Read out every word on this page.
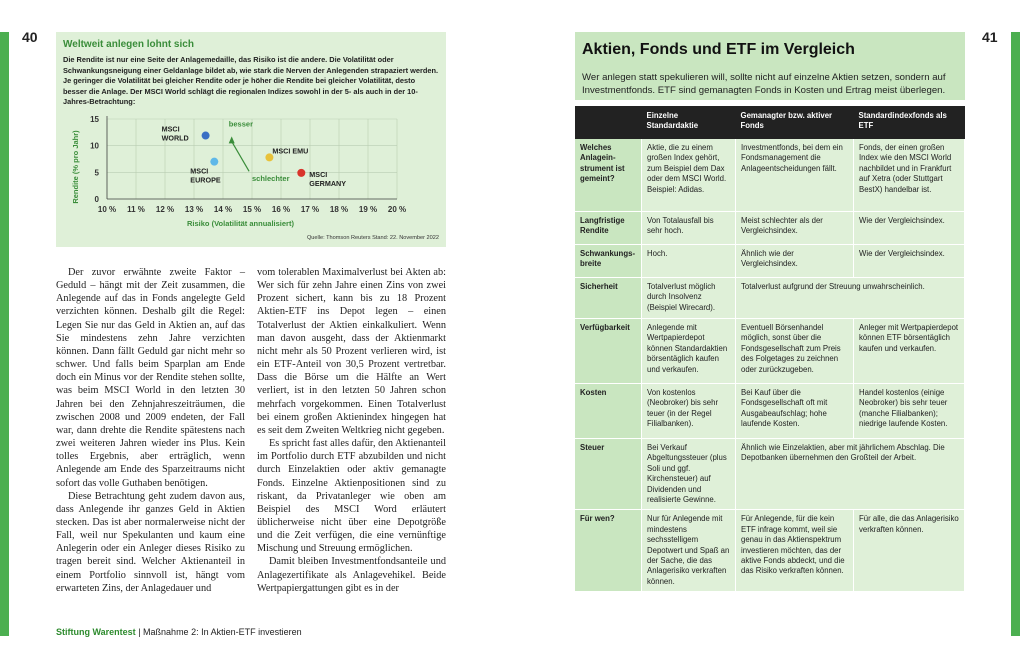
40	Weltweit anlegen lohnt sich
Die Rendite ist nur eine Seite der Anlagemedaille, das Risiko ist die andere. Die Volatilität oder Schwankungsneigung einer Geldanlage bildet ab, wie stark die Nerven der Anlegenden strapaziert werden. Je geringer die Volatilität bei gleicher Rendite oder je höher die Rendite bei gleicher Volatilität, desto besser die Anlage. Der MSCI World schlägt die regionalen Indizes sowohl in der 5- als auch in der 10-Jahres-Betrachtung:
10 % 11 % 12 % 13 % 14 % 15 % 16 % 17 % 18 % 19 % 20 %
0
5
10
15
Risiko (Volatilität annualisiert)
Rendite (% pro Jahr)
Quelle: Thomson Reuters Stand: 22. November 2022
besser
schlechter
MSCI
WORLD
MSCI
EUROPE
MSCI EMU
MSCI
GERMANY

Der zuvor erwähnte zweite Faktor – Geduld – hängt mit der Zeit zusammen, die Anlegende auf das in Fonds angelegte Geld verzichten können. Deshalb gilt die Regel: Legen Sie nur das Geld in Aktien an, auf das Sie mindestens zehn Jahre verzichten können. Dann fällt Geduld gar nicht mehr so schwer. Und falls beim Sparplan am Ende doch ein Minus vor der Rendite stehen sollte, was beim MSCI World in den letzten 30 Jahren bei den Zehnjahreszeiträumen, die zwischen 2008 und 2009 endeten, der Fall war, dann drehte die Rendite spätestens nach zwei weiteren Jahren wieder ins Plus. Kein tolles Ergebnis, aber erträglich, wenn Anlegende am Ende des Sparzeitraums nicht sofort das volle Guthaben benötigen.

Diese Betrachtung geht zudem davon aus, dass Anlegende ihr ganzes Geld in Aktien stecken. Das ist aber normalerweise nicht der Fall, weil nur Spekulanten und kaum eine Anlegerin oder ein Anleger dieses Risiko zu tragen bereit sind. Welcher Aktienanteil in einem Portfolio sinnvoll ist, hängt vom erwarteten Zins, der Anlagedauer und

vom tolerablen Maximalverlust bei Akten ab: Wer sich für zehn Jahre einen Zins von zwei Prozent sichert, kann bis zu 18 Prozent Aktien-ETF ins Depot legen – einen Totalverlust der Aktien einkalkuliert. Wenn man davon ausgeht, dass der Aktienmarkt nicht mehr als 50 Prozent verlieren wird, ist ein ETF-Anteil von 30,5 Prozent vertretbar. Dass die Börse um die Hälfte an Wert verliert, ist in den letzten 50 Jahren schon mehrfach vorgekommen. Einen Totalverlust bei einem großen Aktienindex hingegen hat es seit dem Zweiten Weltkrieg nicht gegeben.

Es spricht fast alles dafür, den Aktienanteil im Portfolio durch ETF abzubilden und nicht durch Einzelaktien oder aktiv gemanagte Fonds. Einzelne Aktienpositionen sind zu riskant, da Privatanleger wie oben am Beispiel des MSCI Word erläutert üblicherweise nicht über eine Depotgröße und die Zeit verfügen, die eine vernünftige Mischung und Streuung ermöglichen.

Damit bleiben Investmentfondsanteile und Anlagezertifikate als Anlagevehikel. Beide Wertpapiergattungen gibt es in der

Stiftung Warentest | Maßnahme 2: In Aktien-ETF investieren
41
Aktien, Fonds und ETF im Vergleich
Wer anlegen statt spekulieren will, sollte nicht auf einzelne Aktien setzen, sondern auf Investmentfonds. ETF sind gemanagten Fonds in Kosten und Ertrag meist überlegen.
	Einzelne Standardaktie	Gemanagter bzw. aktiver Fonds	Standardindexfonds als ETF
Welches Anlageinstrument ist gemeint?	Aktie, die zu einem großen Index gehört, zum Beispiel dem Dax oder dem MSCI World. Beispiel: Adidas.	Investmentfonds, bei dem ein Fondsmanagement die Anlageentscheidungen fällt.	Fonds, der einen großen Index wie den MSCI World nachbildet und in Frankfurt auf Xetra (oder Stuttgart BestX) handelbar ist.
Langfristige Rendite	Von Totalausfall bis sehr hoch.	Meist schlechter als der Vergleichsindex.	Wie der Vergleichsindex.
Schwankungsbreite	Hoch.	Ähnlich wie der Vergleichsindex.	Wie der Vergleichsindex.
Sicherheit	Totalverlust möglich durch Insolvenz (Beispiel Wirecard).	Totalverlust aufgrund der Streuung unwahrscheinlich.	
Verfügbarkeit	Anlegende mit Wertpapierdepot können Standardaktien börsentäglich kaufen und verkaufen.	Eventuell Börsenhandel möglich, sonst über die Fondsgesellschaft zum Preis des Folgetages zu zeichnen oder zurückzugeben.	Anleger mit Wertpapierdepot können ETF börsentäglich kaufen und verkaufen.
Kosten	Von kostenlos (Neobroker) bis sehr teuer (in der Regel Filialbanken).	Bei Kauf über die Fondsgesellschaft oft mit Ausgabeaufschlag; hohe laufende Kosten.	Handel kostenlos (einige Neobroker) bis sehr teuer (manche Filialbanken); niedrige laufende Kosten.
Steuer	Bei Verkauf Abgeltungssteuer (plus Soli und ggf. Kirchensteuer) auf Dividenden und realisierte Gewinne.	Ähnlich wie Einzelaktien, aber mit jährlichem Abschlag. Die Depotbanken übernehmen den Großteil der Arbeit.	
Für wen?	Nur für Anlegende mit mindestens sechsstelligem Depotwert und Spaß an der Sache, die das Anlagerisiko verkraften können.	Für Anlegende, für die kein ETF infrage kommt, weil sie genau in das Aktienspektrum investieren möchten, das der aktive Fonds abdeckt, und die das Risiko verkraften können.	Für alle, die das Anlagerisiko verkraften können.
